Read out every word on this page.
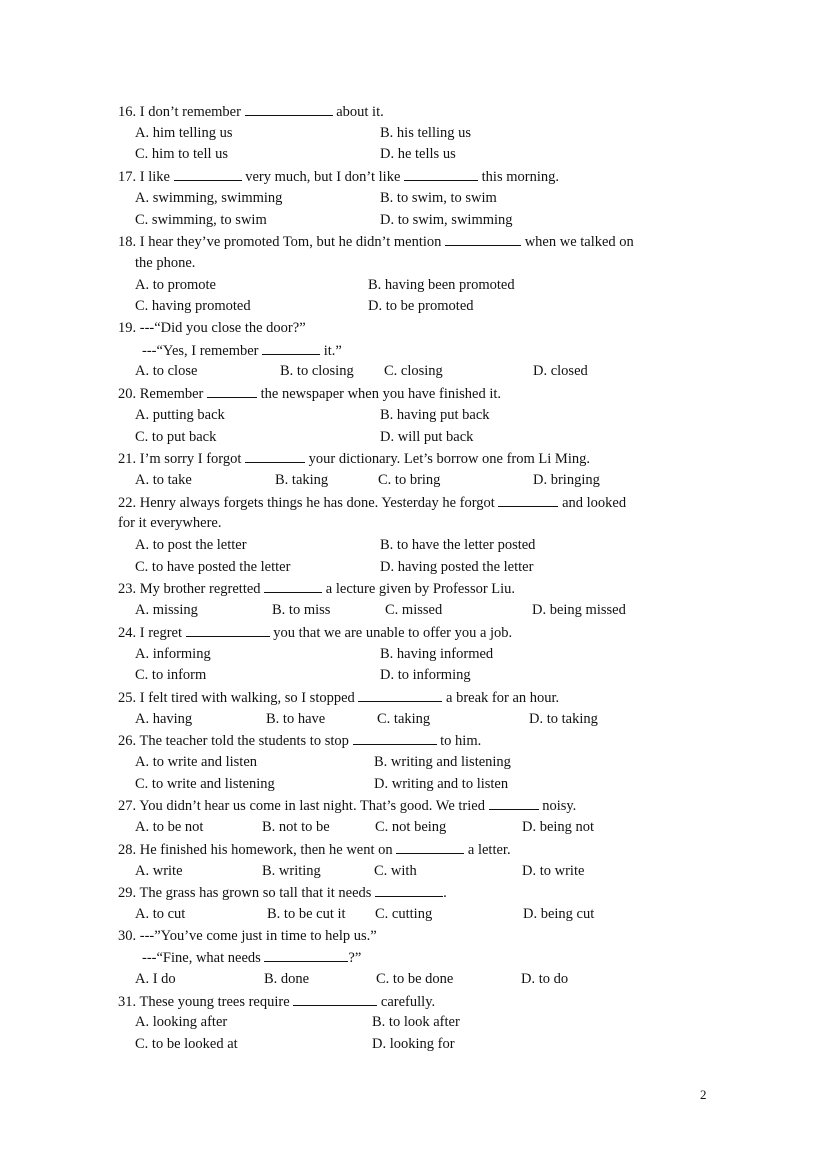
16. I don’t remember	about it.
A. him telling us	B. his telling us
C. him to tell us	D. he tells us
17. I like	very much, but I don’t like	this morning.
A. swimming, swimming	B. to swim, to swim
C. swimming, to swim	D. to swim, swimming
18. I hear they’ve promoted Tom, but he didn’t mention	when we talked on
the phone.
A. to promote	B. having been promoted
C. having promoted	D. to be promoted
19. ---“Did you close the door?”
---“Yes, I remember	it.”
A. to close	B. to closing C. closing	D. closed
20. Remember	the newspaper when you have finished it.
A. putting back	B. having put back
C. to put back	D. will put back
21. I’m sorry I forgot	your dictionary. Let’s borrow one from Li Ming.
A. to take	B. taking	C. to bring	D. bringing
22. Henry always forgets things he has done. Yesterday he forgot	and looked
for it everywhere.
A. to post the letter	B. to have the letter posted
C. to have posted the letter	D. having posted the letter
23. My brother regretted	a lecture given by Professor Liu.
A. missing	B. to miss	C. missed	D. being missed
24. I regret	you that we are unable to offer you a job.
A. informing	B. having informed
C. to inform	D. to informing
25. I felt tired with walking, so I stopped	a break for an hour.
A. having	B. to have	C. taking	D. to taking
26. The teacher told the students to stop	to him.
A. to write and listen	B. writing and listening
C. to write and listening	D. writing and to listen
27. You didn’t hear us come in last night. That’s good. We tried	noisy.
A. to be not	B. not to be	C. not being	D. being not
28. He finished his homework, then he went on	a letter.
A. write	B. writing	C. with	D. to write
29. The grass has grown so tall that it needs	.
A. to cut	B. to be cut it C. cutting	D. being cut
30. ---”You’ve come just in time to help us.”
---“Fine, what needs	?”
A. I do	B. done	C. to be done	D. to do
31. These young trees require	carefully.
A. looking after	B. to look after
C. to be looked at	D. looking for
2
